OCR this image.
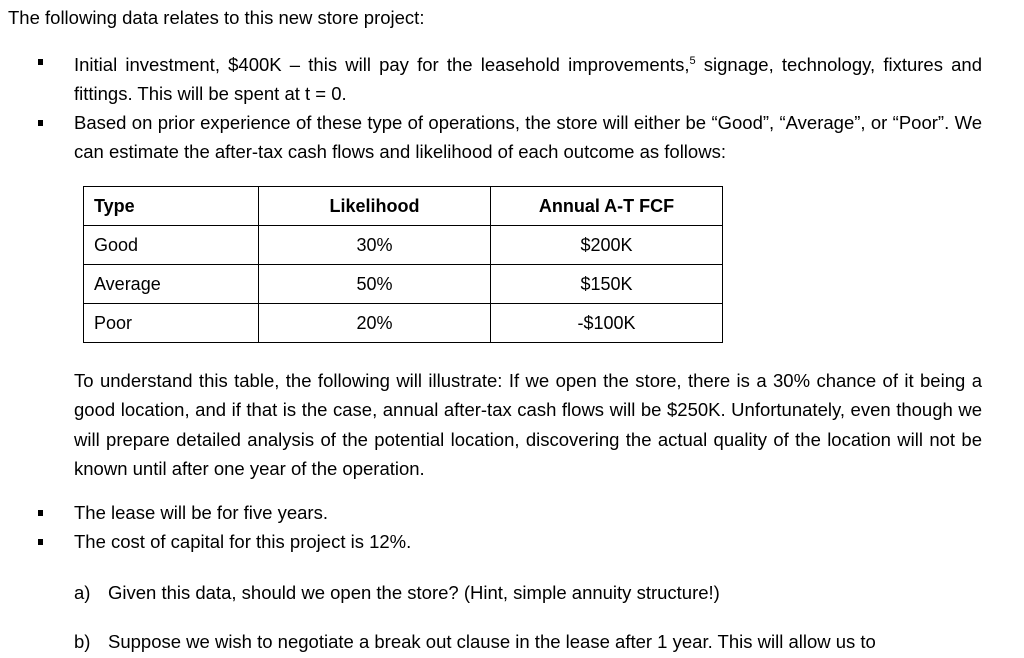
The following data relates to this new store project:
Initial investment, $400K – this will pay for the leasehold improvements,$^5$ signage, technology, fixtures and fittings. This will be spent at t = 0.
Based on prior experience of these type of operations, the store will either be “Good”, “Average”, or “Poor”. We can estimate the after-tax cash flows and likelihood of each outcome as follows:
Type	Likelihood	Annual A-T FCF
Good	30%	$200K
Average	50%	$150K
Poor	20%	-$100K
To understand this table, the following will illustrate: If we open the store, there is a 30% chance of it being a good location, and if that is the case, annual after-tax cash flows will be $250K. Unfortunately, even though we will prepare detailed analysis of the potential location, discovering the actual quality of the location will not be known until after one year of the operation.
The lease will be for five years.
The cost of capital for this project is 12%.
a) Given this data, should we open the store? (Hint, simple annuity structure!)
b) Suppose we wish to negotiate a break out clause in the lease after 1 year. This will allow us to
